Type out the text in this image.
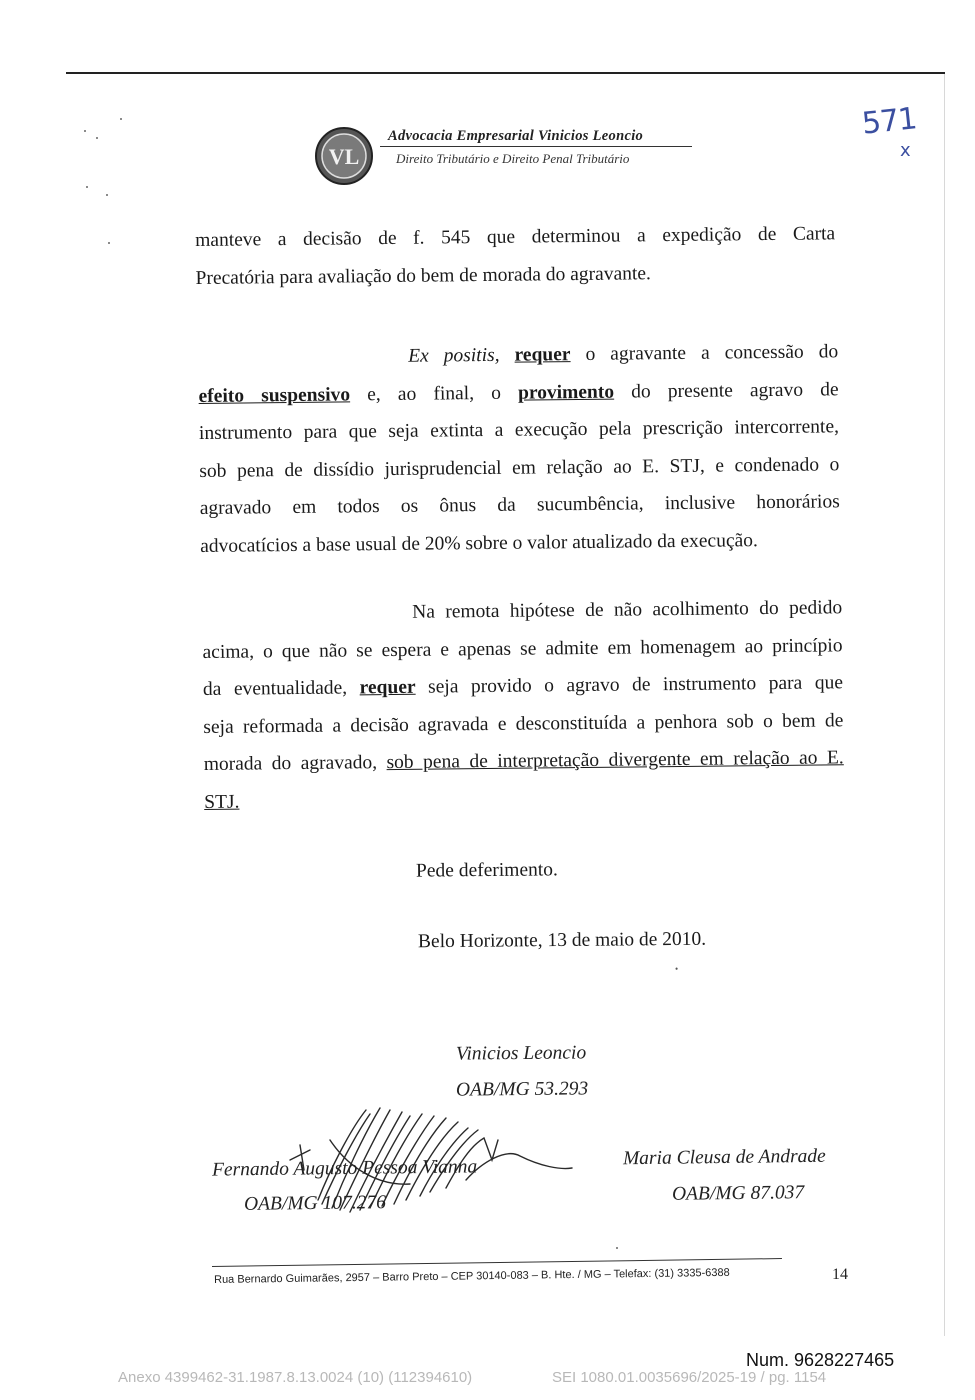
VL
Advocacia Empresarial Vinicios Leoncio
Direito Tributário e Direito Penal Tributário
571
x
manteve a decisão de f. 545 que determinou a expedição de Carta
Precatória para avaliação do bem de morada do agravante.
Ex positis, requer o agravante a concessão do
efeito suspensivo e, ao final, o provimento do presente agravo de
instrumento para que seja extinta a execução pela prescrição intercorrente,
sob pena de dissídio jurisprudencial em relação ao E. STJ, e condenado o
agravado em todos os ônus da sucumbência, inclusive honorários
advocatícios a base usual de 20% sobre o valor atualizado da execução.
Na remota hipótese de não acolhimento do pedido
acima, o que não se espera e apenas se admite em homenagem ao princípio
da eventualidade, requer seja provido o agravo de instrumento para que
seja reformada a decisão agravada e desconstituída a penhora sob o bem de
morada do agravado, sob pena de interpretação divergente em relação ao E.
STJ.
Pede deferimento.
Belo Horizonte, 13 de maio de 2010.
•
Vinicios Leoncio
OAB/MG 53.293
Fernando Augusto Pessoa Vianna
OAB/MG 107.276
Maria Cleusa de Andrade
OAB/MG 87.037
Rua Bernardo Guimarães, 2957 – Barro Preto – CEP 30140-083 – B. Hte. / MG – Telefax: (31) 3335-6388	14
Num. 9628227465
Anexo 4399462-31.1987.8.13.0024 (10) (112394610)	SEI 1080.01.0035696/2025-19 / pg. 1154
